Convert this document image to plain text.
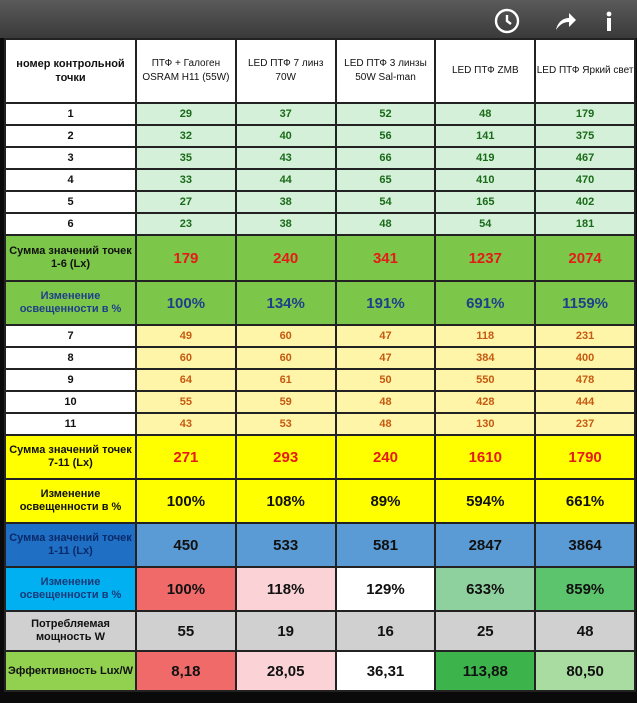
номер контрольной точки	ПТФ + Галоген OSRAM H11 (55W)	LED ПТФ 7 линз 70W	LED ПТФ 3 линзы 50W Sal-man	LED ПТФ ZMB	LED ПТФ Яркий свет
1	29	37	52	48	179
2	32	40	56	141	375
3	35	43	66	419	467
4	33	44	65	410	470
5	27	38	54	165	402
6	23	38	48	54	181
Сумма значений точек 1-6 (Lx)	179	240	341	1237	2074
Изменение освещенности в %	100%	134%	191%	691%	1159%
7	49	60	47	118	231
8	60	60	47	384	400
9	64	61	50	550	478
10	55	59	48	428	444
11	43	53	48	130	237
Сумма значений точек 7-11 (Lx)	271	293	240	1610	1790
Изменение освещенности в %	100%	108%	89%	594%	661%
Сумма значений точек 1-11 (Lx)	450	533	581	2847	3864
Изменение освещенности в %	100%	118%	129%	633%	859%
Потребляемая мощность W	55	19	16	25	48
Эффективность Lux/W	8,18	28,05	36,31	113,88	80,50
